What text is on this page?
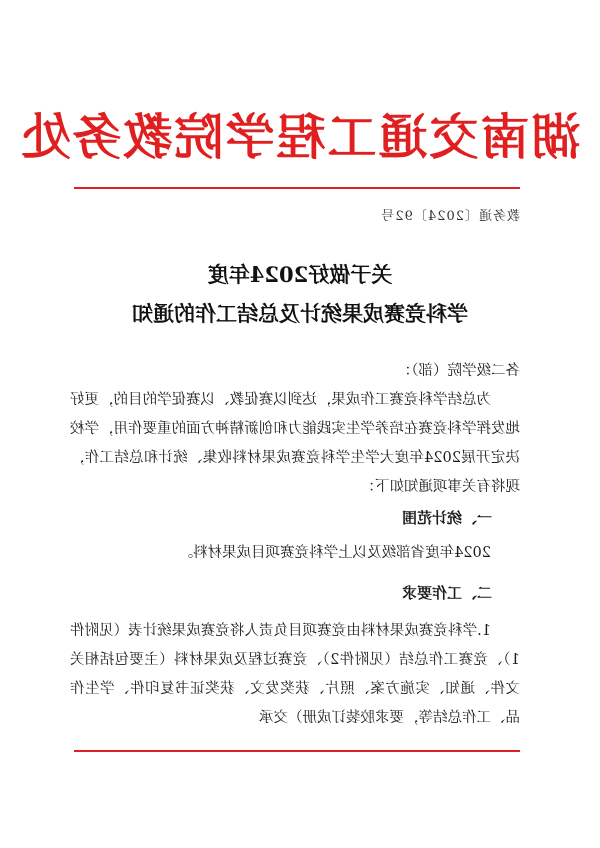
湖南交通工程学院教务处
教务通〔2024〕92号
关于做好2024年度
学科竞赛成果统计及总结工作的通知

各二级学院（部）：

为总结学科竞赛工作成果，达到以赛促教、以赛促学的目的，更好地发挥学科竞赛在培养学生实践能力和创新精神方面的重要作用，学校决定开展2024年度大学生学科竞赛成果材料收集、统计和总结工作，现将有关事项通知如下：

一、统计范围

2024年度省部级及以上学科竞赛项目成果材料。

二、工作要求

1.学科竞赛成果材料由竞赛项目负责人将竞赛成果统计表（见附件1）、竞赛工作总结（见附件2）、竞赛过程及成果材料（主要包括相关文件、通知、实施方案、照片、获奖发文、获奖证书复印件、学生作品、工作总结等，要求胶装订成册）交承
